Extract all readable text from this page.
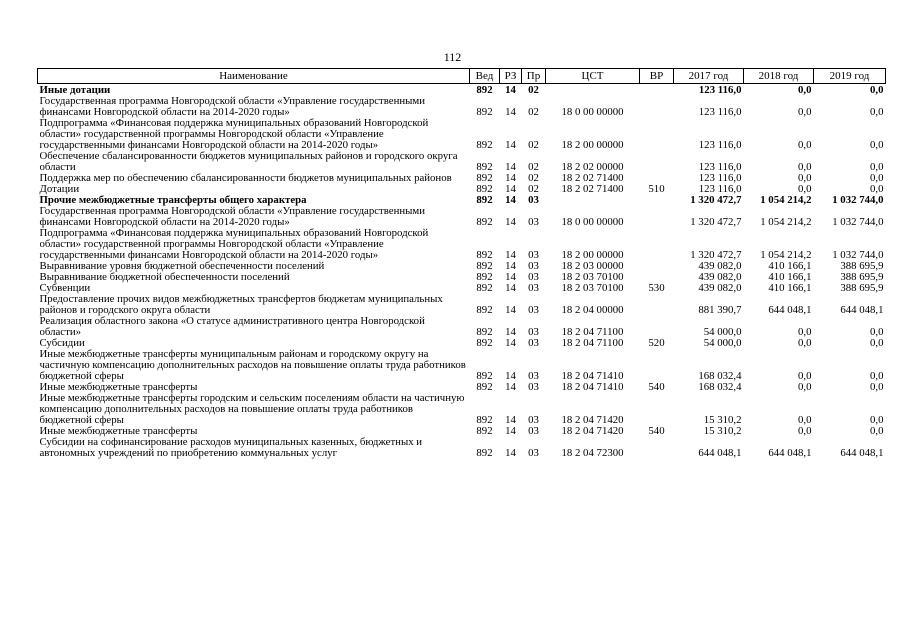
112
Наименование	Вед	РЗ	Пр	ЦСТ	ВР	2017 год	2018 год	2019 год
Иные дотации	892	14	02			123 116,0	0,0	0,0
Государственная программа Новгородской области «Управление государственными финансами Новгородской области на 2014-2020 годы»	892	14	02	18 0 00 00000		123 116,0	0,0	0,0
Подпрограмма «Финансовая поддержка муниципальных образований Новгородской области» государственной программы Новгородской области «Управление государственными финансами Новгородской области на 2014-2020 годы»	892	14	02	18 2 00 00000		123 116,0	0,0	0,0
Обеспечение сбалансированности бюджетов муниципальных районов и городского округа области	892	14	02	18 2 02 00000		123 116,0	0,0	0,0
Поддержка мер по обеспечению сбалансированности бюджетов муниципальных районов	892	14	02	18 2 02 71400		123 116,0	0,0	0,0
Дотации	892	14	02	18 2 02 71400	510	123 116,0	0,0	0,0
Прочие межбюджетные трансферты общего характера	892	14	03			1 320 472,7	1 054 214,2	1 032 744,0
Государственная программа Новгородской области «Управление государственными финансами Новгородской области на 2014-2020 годы»	892	14	03	18 0 00 00000		1 320 472,7	1 054 214,2	1 032 744,0
Подпрограмма «Финансовая поддержка муниципальных образований Новгородской области» государственной программы Новгородской области «Управление государственными финансами Новгородской области на 2014-2020 годы»	892	14	03	18 2 00 00000		1 320 472,7	1 054 214,2	1 032 744,0
Выравнивание уровня бюджетной обеспеченности поселений	892	14	03	18 2 03 00000		439 082,0	410 166,1	388 695,9
Выравнивание бюджетной обеспеченности поселений	892	14	03	18 2 03 70100		439 082,0	410 166,1	388 695,9
Субвенции	892	14	03	18 2 03 70100	530	439 082,0	410 166,1	388 695,9
Предоставление прочих видов межбюджетных трансфертов бюджетам муниципальных районов и городского округа области	892	14	03	18 2 04 00000		881 390,7	644 048,1	644 048,1
Реализация областного закона «О статусе административного центра Новгородской области»	892	14	03	18 2 04 71100		54 000,0	0,0	0,0
Субсидии	892	14	03	18 2 04 71100	520	54 000,0	0,0	0,0
Иные межбюджетные трансферты муниципальным районам и городскому округу на частичную компенсацию дополнительных расходов на повышение оплаты труда работников бюджетной сферы	892	14	03	18 2 04 71410		168 032,4	0,0	0,0
Иные межбюджетные трансферты	892	14	03	18 2 04 71410	540	168 032,4	0,0	0,0
Иные межбюджетные трансферты городским и сельским поселениям области на частичную компенсацию дополнительных расходов на повышение оплаты труда работников бюджетной сферы	892	14	03	18 2 04 71420		15 310,2	0,0	0,0
Иные межбюджетные трансферты	892	14	03	18 2 04 71420	540	15 310,2	0,0	0,0
Субсидии на софинансирование расходов муниципальных казенных, бюджетных и автономных учреждений по приобретению коммунальных услуг	892	14	03	18 2 04 72300		644 048,1	644 048,1	644 048,1
